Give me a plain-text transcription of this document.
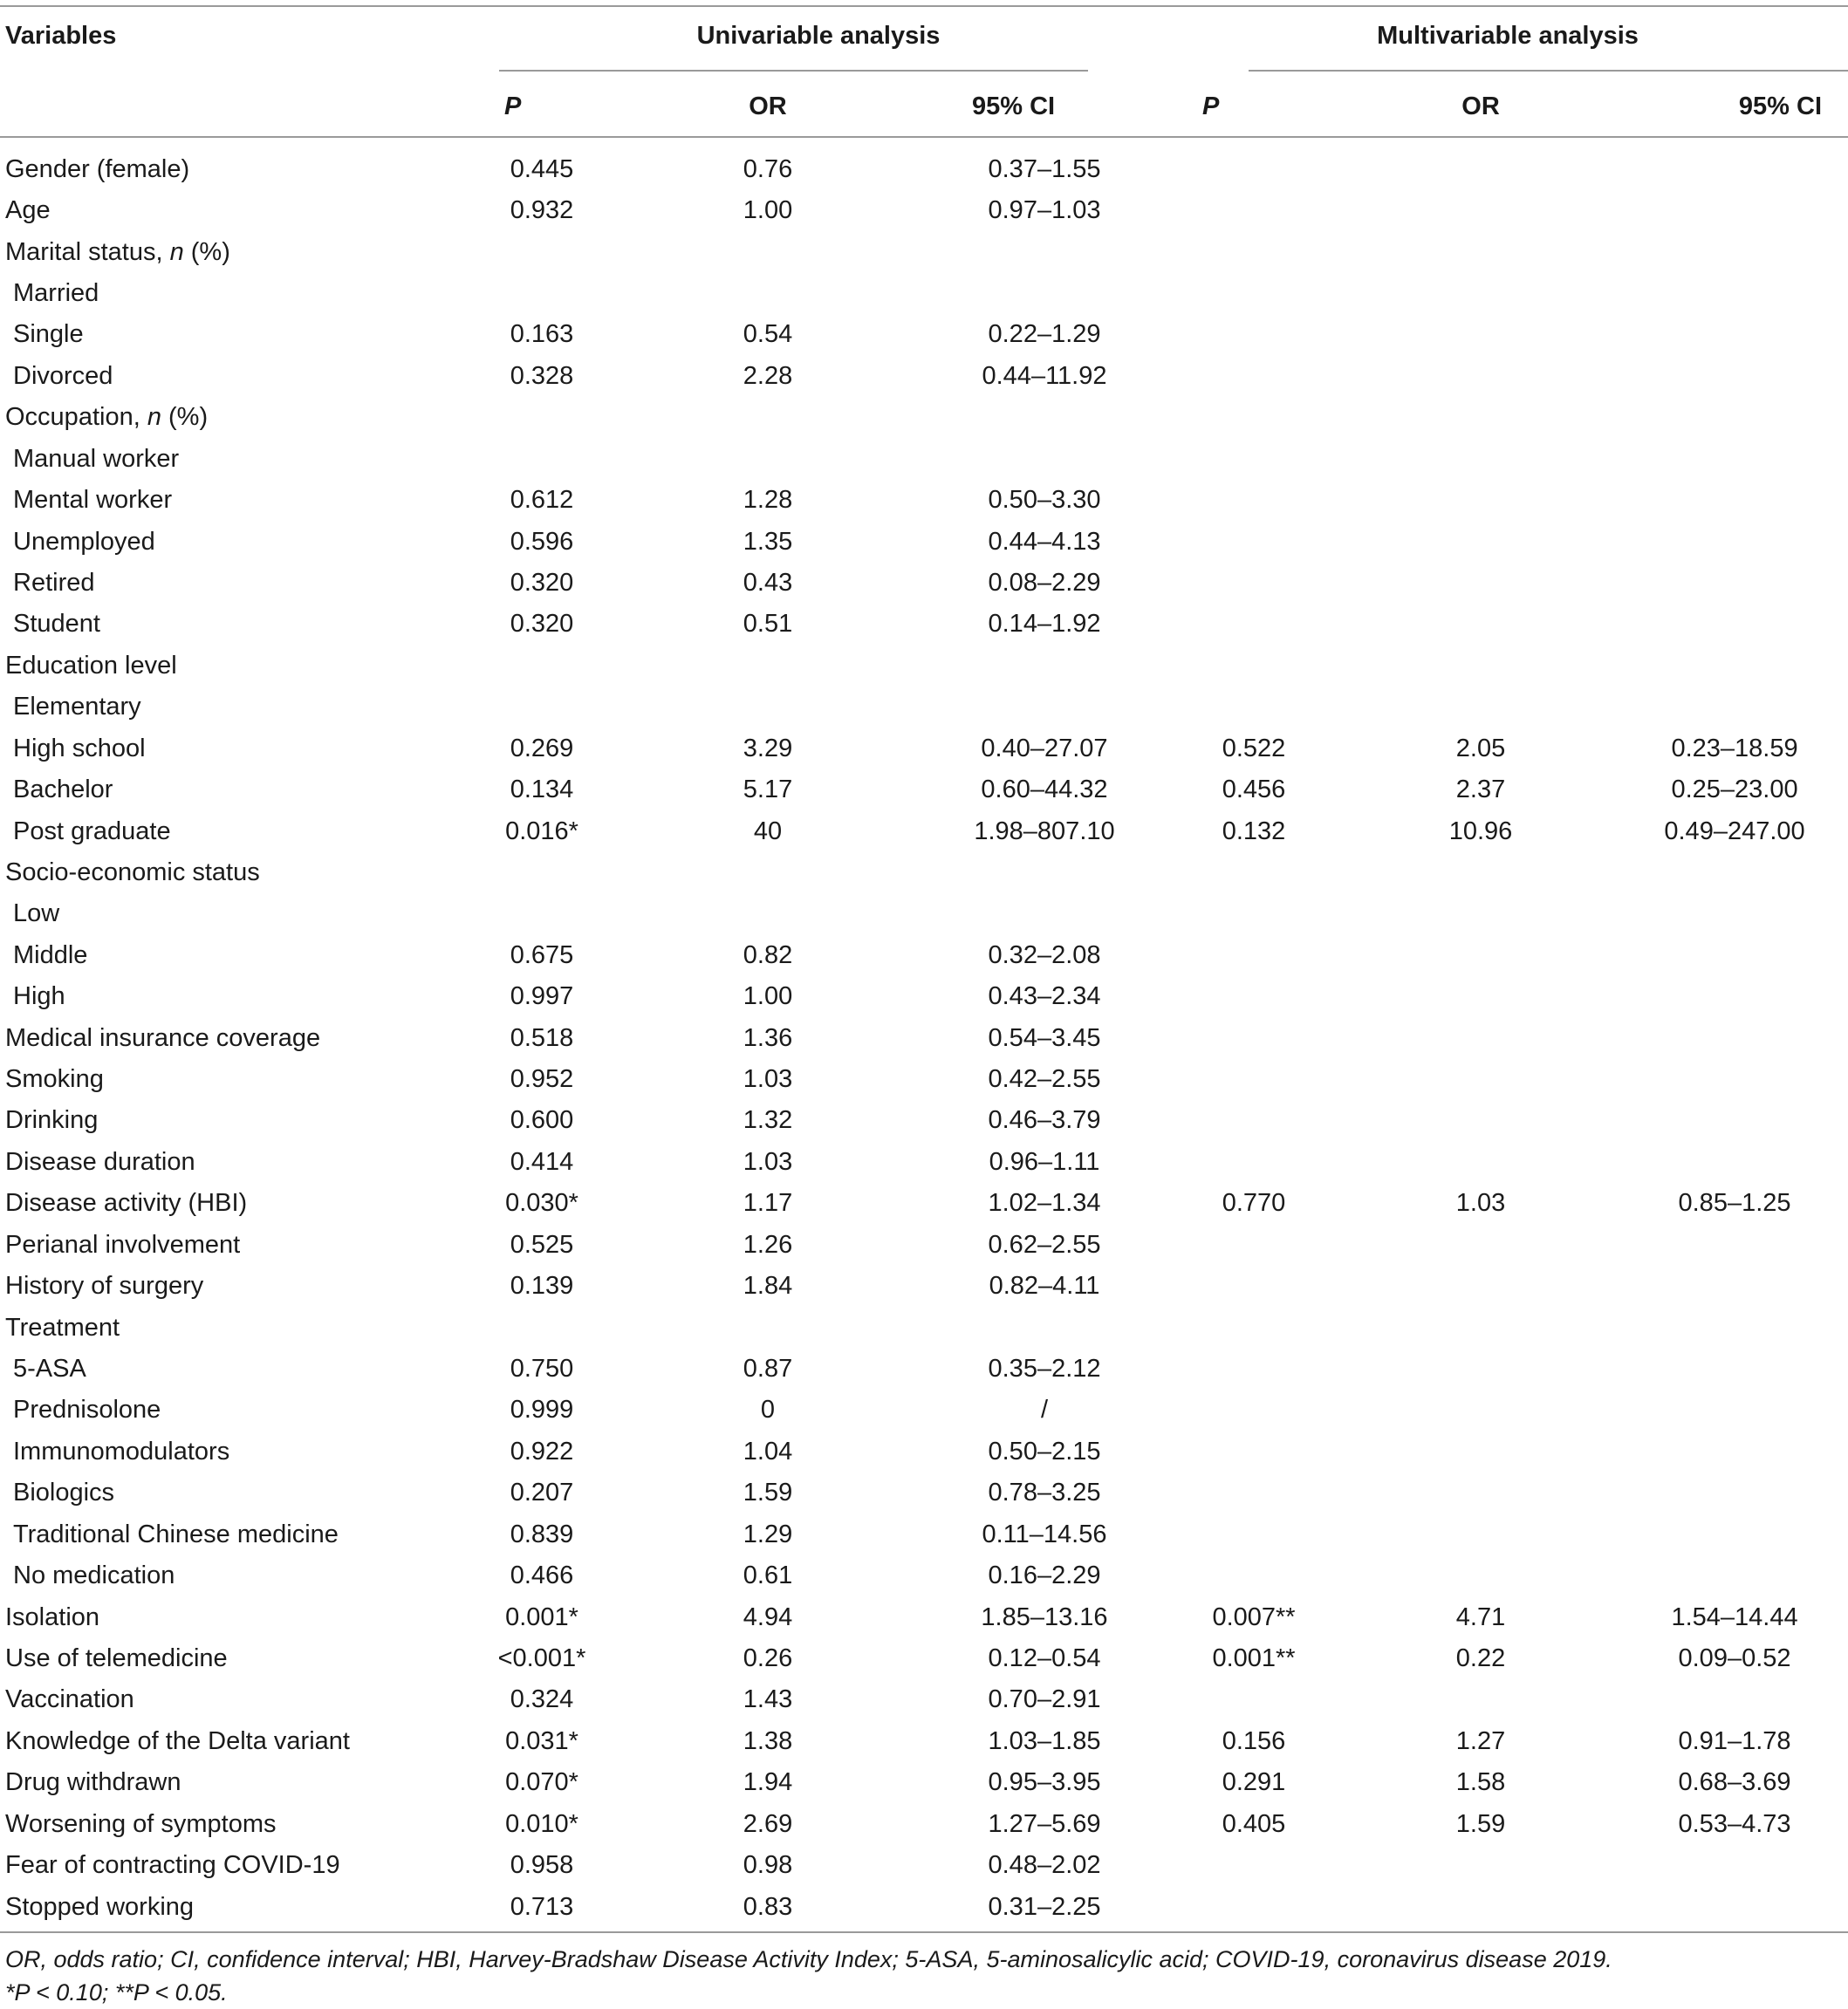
Variables	Univariable analysis			Multivariable analysis		
	P	OR	95% CI	P	OR	95% CI
Gender (female)	0.445	0.76	0.37–1.55			
Age	0.932	1.00	0.97–1.03			
Marital status, n (%)						
Married						
Single	0.163	0.54	0.22–1.29			
Divorced	0.328	2.28	0.44–11.92			
Occupation, n (%)						
Manual worker						
Mental worker	0.612	1.28	0.50–3.30			
Unemployed	0.596	1.35	0.44–4.13			
Retired	0.320	0.43	0.08–2.29			
Student	0.320	0.51	0.14–1.92			
Education level						
Elementary						
High school	0.269	3.29	0.40–27.07	0.522	2.05	0.23–18.59
Bachelor	0.134	5.17	0.60–44.32	0.456	2.37	0.25–23.00
Post graduate	0.016*	40	1.98–807.10	0.132	10.96	0.49–247.00
Socio-economic status						
Low						
Middle	0.675	0.82	0.32–2.08			
High	0.997	1.00	0.43–2.34			
Medical insurance coverage	0.518	1.36	0.54–3.45			
Smoking	0.952	1.03	0.42–2.55			
Drinking	0.600	1.32	0.46–3.79			
Disease duration	0.414	1.03	0.96–1.11			
Disease activity (HBI)	0.030*	1.17	1.02–1.34	0.770	1.03	0.85–1.25
Perianal involvement	0.525	1.26	0.62–2.55			
History of surgery	0.139	1.84	0.82–4.11			
Treatment						
5-ASA	0.750	0.87	0.35–2.12			
Prednisolone	0.999	0	/			
Immunomodulators	0.922	1.04	0.50–2.15			
Biologics	0.207	1.59	0.78–3.25			
Traditional Chinese medicine	0.839	1.29	0.11–14.56			
No medication	0.466	0.61	0.16–2.29			
Isolation	0.001*	4.94	1.85–13.16	0.007**	4.71	1.54–14.44
Use of telemedicine	<0.001*	0.26	0.12–0.54	0.001**	0.22	0.09–0.52
Vaccination	0.324	1.43	0.70–2.91			
Knowledge of the Delta variant	0.031*	1.38	1.03–1.85	0.156	1.27	0.91–1.78
Drug withdrawn	0.070*	1.94	0.95–3.95	0.291	1.58	0.68–3.69
Worsening of symptoms	0.010*	2.69	1.27–5.69	0.405	1.59	0.53–4.73
Fear of contracting COVID-19	0.958	0.98	0.48–2.02			
Stopped working	0.713	0.83	0.31–2.25			
OR, odds ratio; CI, confidence interval; HBI, Harvey-Bradshaw Disease Activity Index; 5-ASA, 5-aminosalicylic acid; COVID-19, coronavirus disease 2019.
*P < 0.10; **P < 0.05.
